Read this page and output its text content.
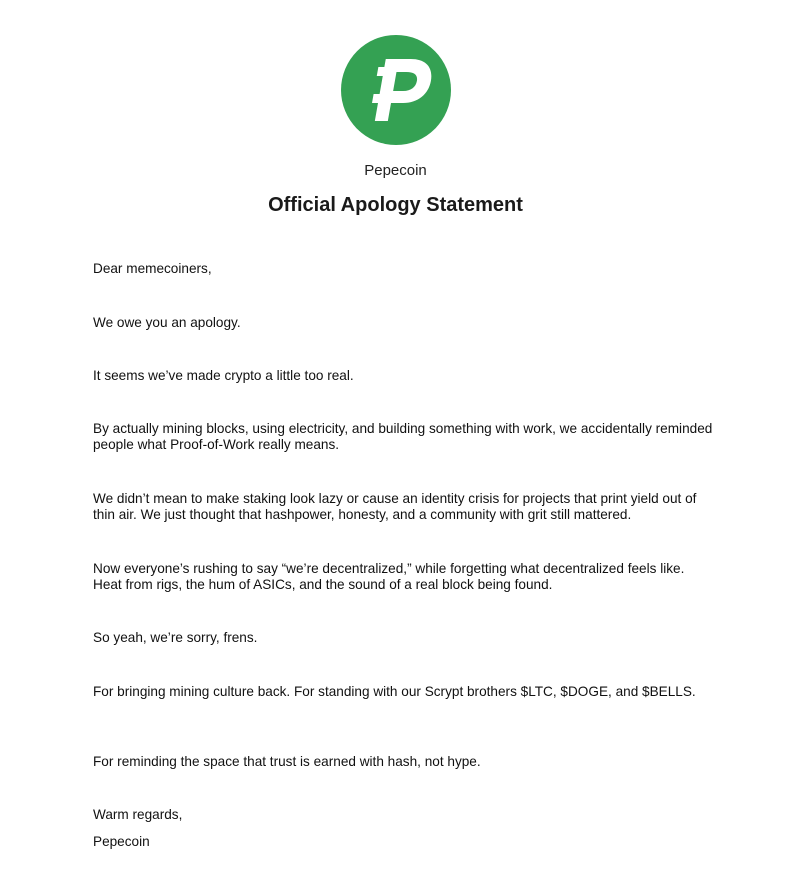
Pepecoin
Official Apology Statement

Dear memecoiners,

We owe you an apology.

It seems we’ve made crypto a little too real.

By actually mining blocks, using electricity, and building something with work, we accidentally reminded people what Proof-of-Work really means.

We didn’t mean to make staking look lazy or cause an identity crisis for projects that print yield out of thin air. We just thought that hashpower, honesty, and a community with grit still mattered.

Now everyone’s rushing to say “we’re decentralized,” while forgetting what decentralized feels like. Heat from rigs, the hum of ASICs, and the sound of a real block being found.

So yeah, we’re sorry, frens.

For bringing mining culture back. For standing with our Scrypt brothers $LTC, $DOGE, and $BELLS.

For reminding the space that trust is earned with hash, not hype.

Warm regards,

Pepecoin
